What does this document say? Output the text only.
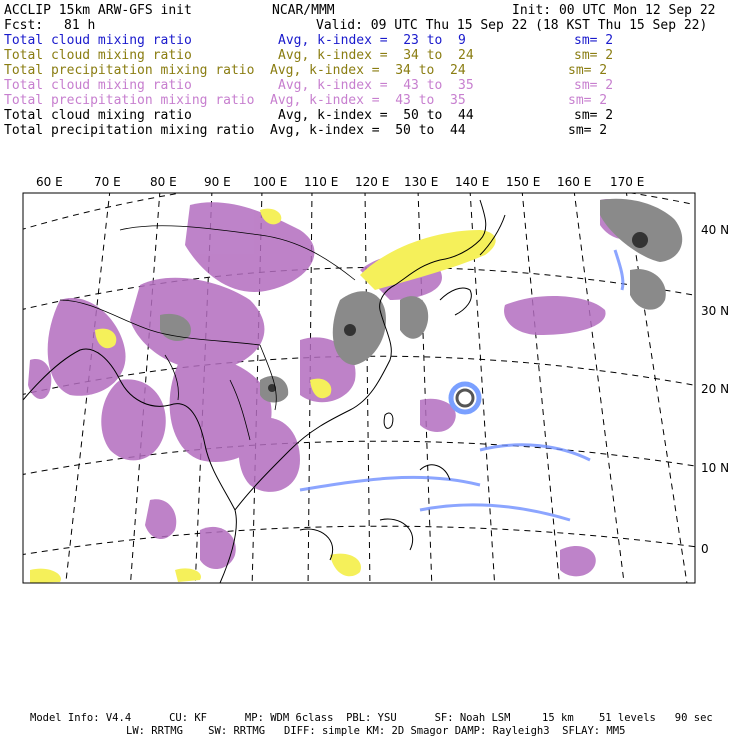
ACCLIP 15km ARW-GFS init	NCAR/MMM	Init: 00 UTC Mon 12 Sep 22
Fcst: 81 h	Valid: 09 UTC Thu 15 Sep 22 (18 KST Thu 15 Sep 22)
Total cloud mixing ratio	Avg, k-index =  23 to  9	sm= 2
Total cloud mixing ratio	Avg, k-index =  34 to  24	sm= 2
Total precipitation mixing ratio Avg, k-index =  34 to  24	sm= 2
Total cloud mixing ratio	Avg, k-index =  43 to  35	sm= 2
Total precipitation mixing ratio Avg, k-index =  43 to  35	sm= 2
Total cloud mixing ratio	Avg, k-index =  50 to  44	sm= 2
Total precipitation mixing ratio Avg, k-index =  50 to  44	sm= 2
60 E	70 E 80 E 90 E 100 E 110 E 120 E 130 E 140 E 150 E 160 E 170 E
40 N
30 N
20 N
10 N
0
Model Info: V4.4      CU: KF      MP: WDM 6class  PBL: YSU      SF: Noah LSM     15 km    51 levels   90 sec
LW: RRTMG    SW: RRTMG   DIFF: simple KM: 2D Smagor DAMP: Rayleigh3  SFLAY: MM5
